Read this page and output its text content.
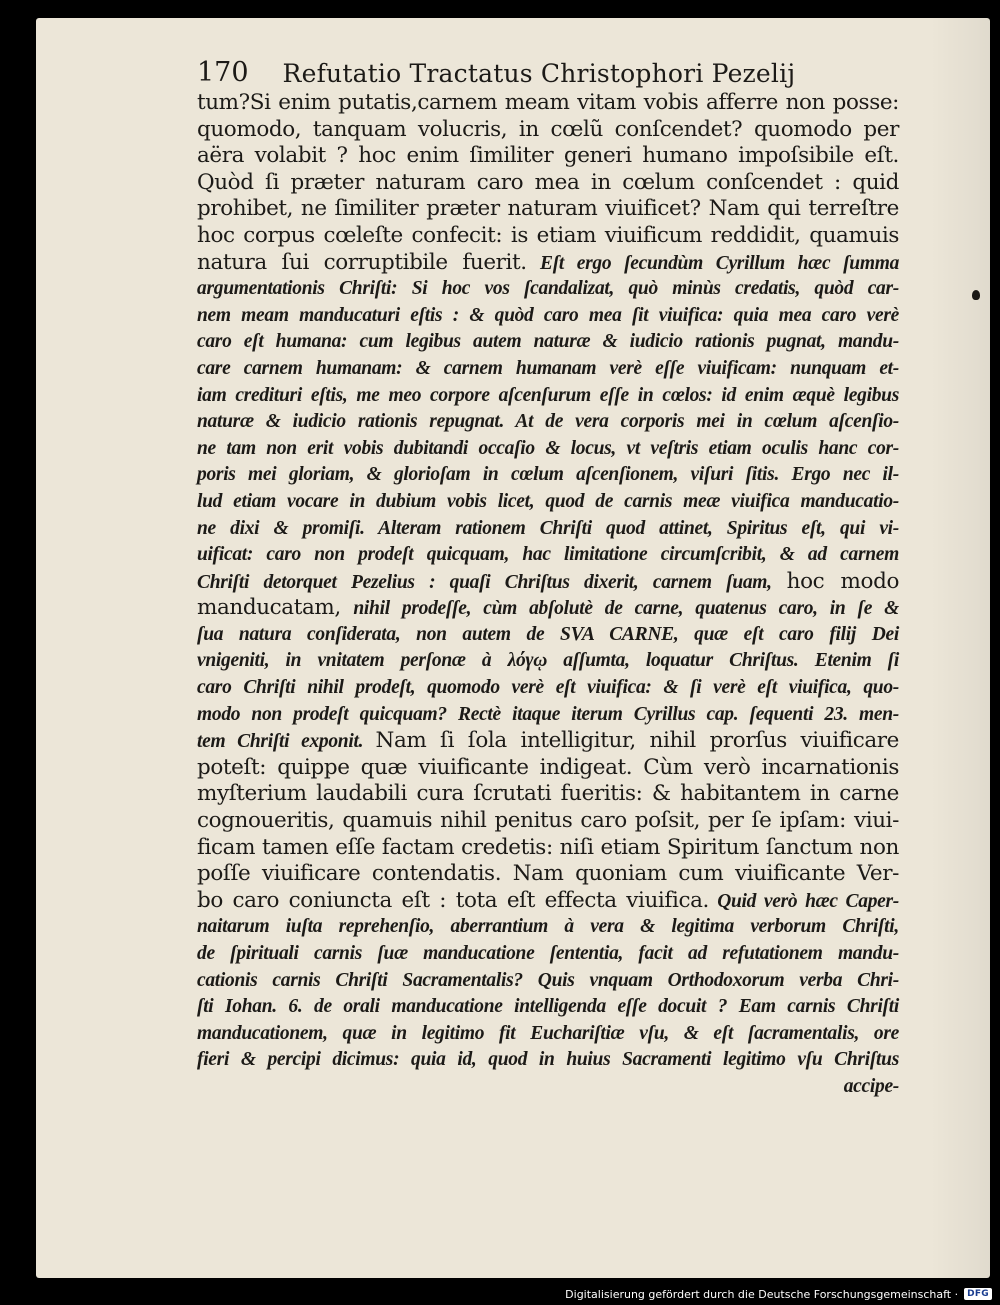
170 Refutatio Tractatus Christophori Pezelij
tum?Si enim putatis,carnem meam vitam vobis afferre non posse:
quomodo, tanquam volucris, in cœlũ conſcendet? quomodo per
aëra volabit ? hoc enim ſimiliter generi humano impoſsibile eſt.
Quòd ſi præter naturam caro mea in cœlum conſcendet : quid
prohibet, ne ſimiliter præter naturam viuificet? Nam qui terreſtre
hoc corpus cœleſte confecit: is etiam viuificum reddidit, quamuis
natura ſui corruptibile fuerit. Eſt ergo ſecundùm Cyrillum hæc ſumma
argumentationis Chriſti: Si hoc vos ſcandalizat, quò minùs credatis, quòd car-
nem meam manducaturi eſtis : & quòd caro mea ſit viuifica: quia mea caro verè
caro eſt humana: cum legibus autem naturæ & iudicio rationis pugnat, mandu-
care carnem humanam: & carnem humanam verè eſſe viuificam: nunquam et-
iam credituri eſtis, me meo corpore aſcenſurum eſſe in cœlos: id enim æquè legibus
naturæ & iudicio rationis repugnat. At de vera corporis mei in cœlum aſcenſio-
ne tam non erit vobis dubitandi occaſio & locus, vt veſtris etiam oculis hanc cor-
poris mei gloriam, & glorioſam in cœlum aſcenſionem, viſuri ſitis. Ergo nec il-
lud etiam vocare in dubium vobis licet, quod de carnis meæ viuifica manducatio-
ne dixi & promiſi. Alteram rationem Chriſti quod attinet, Spiritus eſt, qui vi-
uificat: caro non prodeſt quicquam, hac limitatione circumſcribit, & ad carnem
Chriſti detorquet Pezelius : quaſi Chriſtus dixerit, carnem ſuam, hoc modo
manducatam, nihil prodeſſe, cùm abſolutè de carne, quatenus caro, in ſe &
ſua natura conſiderata, non autem de SVA CARNE, quæ eſt caro filij Dei
vnigeniti, in vnitatem perſonæ à λόγῳ aſſumta, loquatur Chriſtus. Etenim ſi
caro Chriſti nihil prodeſt, quomodo verè eſt viuifica: & ſi verè eſt viuifica, quo-
modo non prodeſt quicquam? Rectè itaque iterum Cyrillus cap. ſequenti 23. men-
tem Chriſti exponit. Nam ſi ſola intelligitur, nihil prorſus viuificare
poteſt: quippe quæ viuificante indigeat. Cùm verò incarnationis
myſterium laudabili cura ſcrutati fueritis: & habitantem in carne
cognoueritis, quamuis nihil penitus caro poſsit, per ſe ipſam: viui-
ficam tamen eſſe factam credetis: niſi etiam Spiritum ſanctum non
poſſe viuificare contendatis. Nam quoniam cum viuificante Ver-
bo caro coniuncta eſt : tota eſt effecta viuifica. Quid verò hæc Caper-
naitarum iuſta reprehenſio, aberrantium à vera & legitima verborum Chriſti,
de ſpirituali carnis ſuæ manducatione ſententia, facit ad refutationem mandu-
cationis carnis Chriſti Sacramentalis? Quis vnquam Orthodoxorum verba Chri-
ſti Iohan. 6. de orali manducatione intelligenda eſſe docuit ? Eam carnis Chriſti
manducationem, quæ in legitimo fit Euchariſtiæ vſu, & eſt ſacramentalis, ore
fieri & percipi dicimus: quia id, quod in huius Sacramenti legitimo vſu Chriſtus
accipe-
Digitalisierung gefördert durch die Deutsche Forschungsgemeinschaft ·	DFG
